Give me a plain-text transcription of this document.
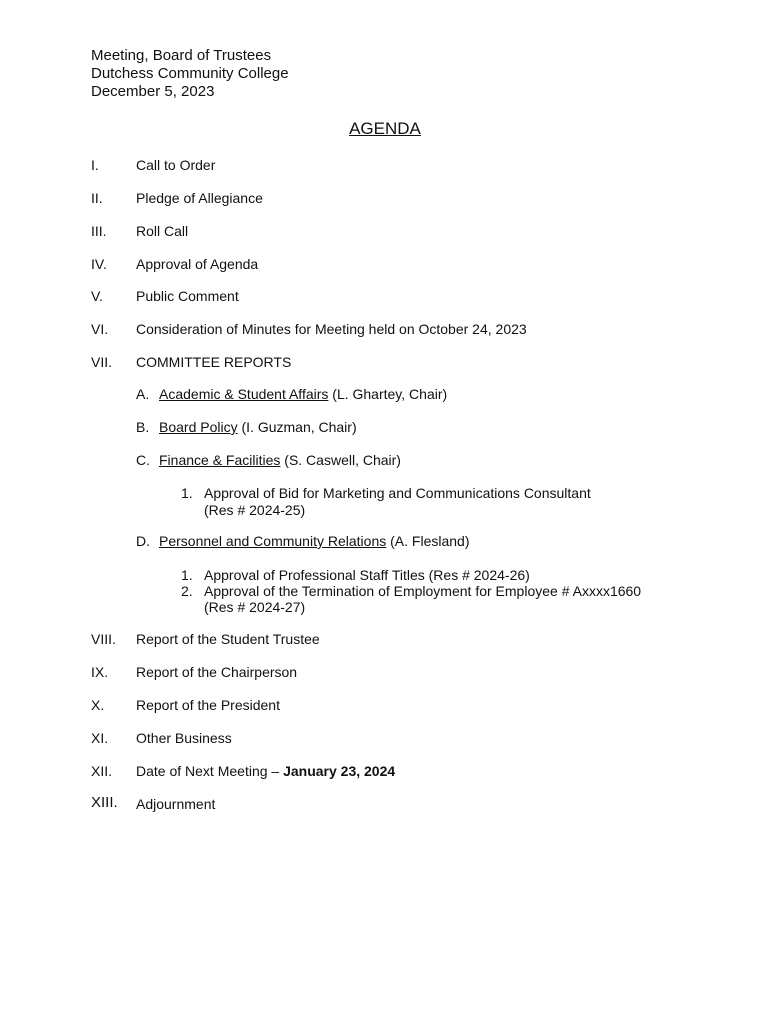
Meeting, Board of Trustees
Dutchess Community College
December 5, 2023
AGENDA
I.	Call to Order
II. Pledge of Allegiance
III. Roll Call
IV. Approval of Agenda
V. Public Comment
VI. Consideration of Minutes for Meeting held on October 24, 2023
VII. COMMITTEE REPORTS
A. Academic & Student Affairs (L. Ghartey, Chair)
B. Board Policy (I. Guzman, Chair)
C. Finance & Facilities (S. Caswell, Chair)
1. Approval of Bid for Marketing and Communications Consultant
(Res # 2024-25)
D. Personnel and Community Relations (A. Flesland)
1. Approval of Professional Staff Titles (Res # 2024-26)
2. Approval of the Termination of Employment for Employee # Axxxx1660
(Res # 2024-27)
VIII. Report of the Student Trustee
IX. Report of the Chairperson
X. Report of the President
XI. Other Business
XII. Date of Next Meeting – January 23, 2024
XIII. Adjournment
